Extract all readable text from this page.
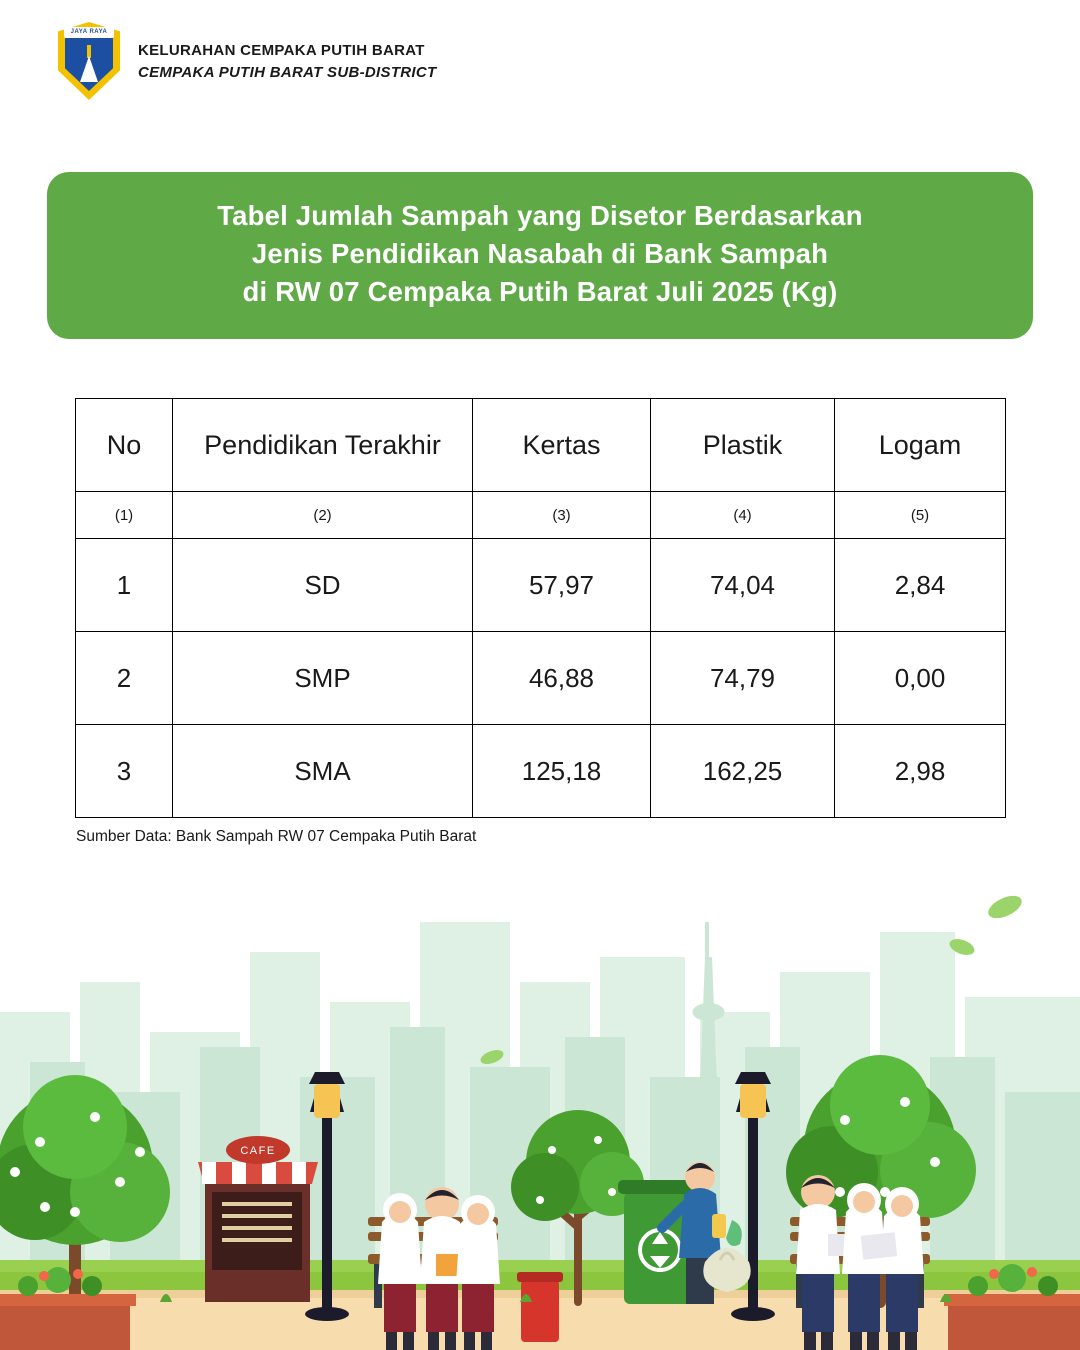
JAYA RAYA
KELURAHAN CEMPAKA PUTIH BARAT
CEMPAKA PUTIH BARAT SUB-DISTRICT
Tabel Jumlah Sampah yang Disetor Berdasarkan
Jenis Pendidikan Nasabah di Bank Sampah
di RW 07 Cempaka Putih Barat Juli 2025 (Kg)
No	Pendidikan Terakhir	Kertas	Plastik	Logam
(1)	(2)	(3)	(4)	(5)
1	SD	57,97	74,04	2,84
2	SMP	46,88	74,79	0,00
3	SMA	125,18	162,25	2,98
Sumber Data: Bank Sampah RW 07 Cempaka Putih Barat
CAFE
